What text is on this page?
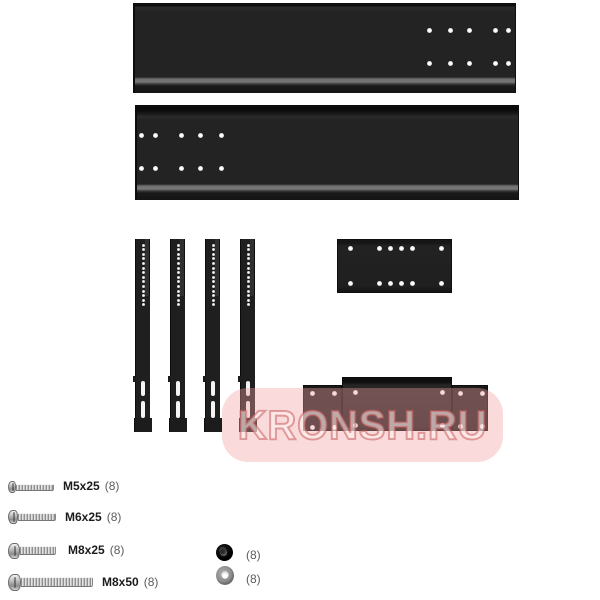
KRONSH.RU
M5x25 (8)
M6x25 (8)
M8x25 (8)
M8x50 (8)
(8)
(8)
